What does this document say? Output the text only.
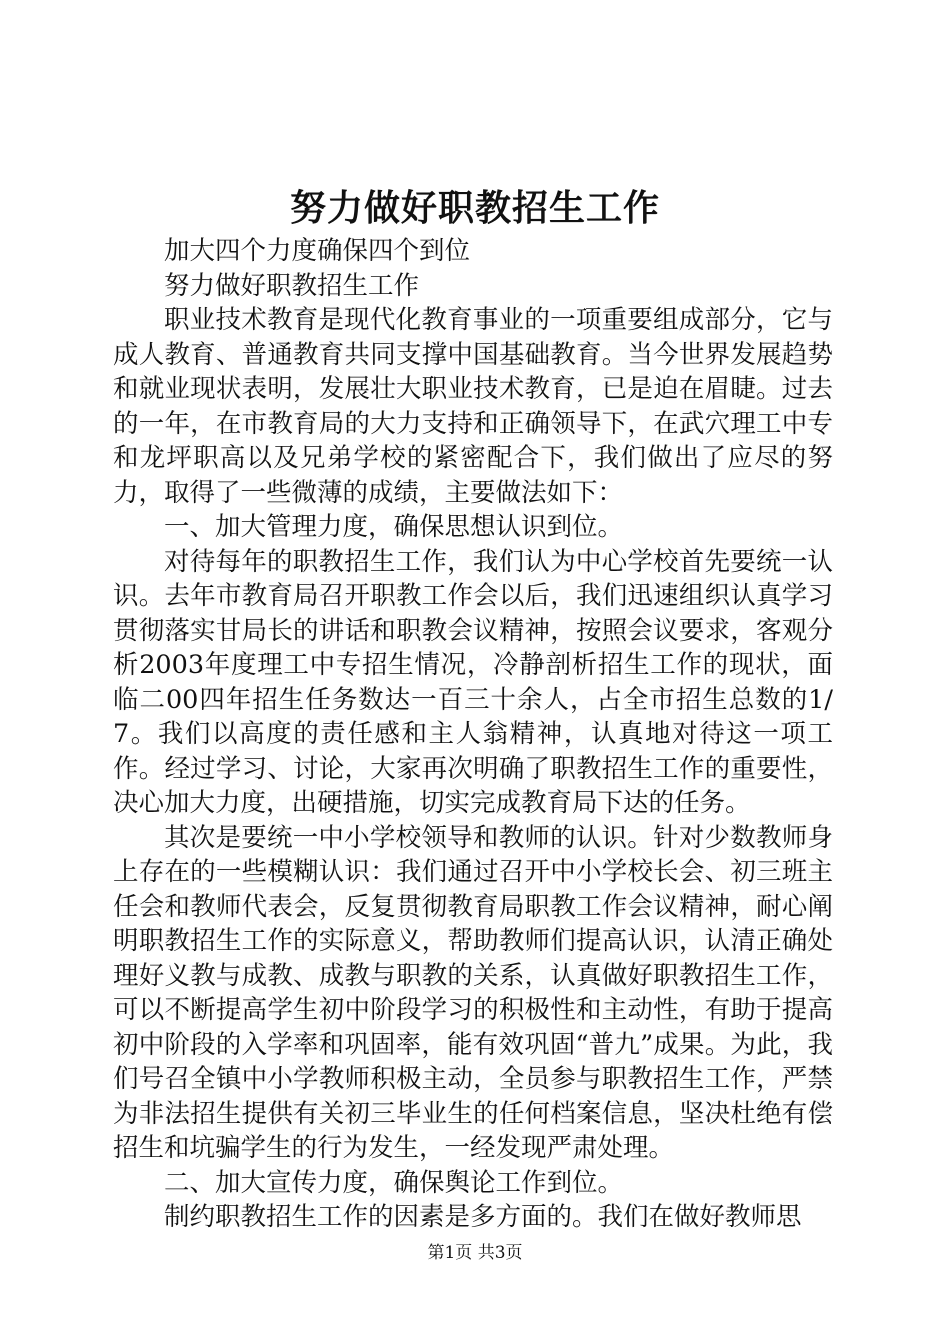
努力做好职教招生工作

加大四个力度确保四个到位

努力做好职教招生工作

职业技术教育是现代化教育事业的一项重要组成部分，它与成人教育、普通教育共同支撑中国基础教育。当今世界发展趋势和就业现状表明，发展壮大职业技术教育，已是迫在眉睫。过去的一年，在市教育局的大力支持和正确领导下，在武穴理工中专和龙坪职高以及兄弟学校的紧密配合下，我们做出了应尽的努力，取得了一些微薄的成绩，主要做法如下：

一、加大管理力度，确保思想认识到位。

对待每年的职教招生工作，我们认为中心学校首先要统一认识。去年市教育局召开职教工作会以后，我们迅速组织认真学习贯彻落实甘局长的讲话和职教会议精神，按照会议要求，客观分析2003年度理工中专招生情况，冷静剖析招生工作的现状，面临二00四年招生任务数达一百三十余人，占全市招生总数的1/7。我们以高度的责任感和主人翁精神，认真地对待这一项工作。经过学习、讨论，大家再次明确了职教招生工作的重要性，决心加大力度，出硬措施，切实完成教育局下达的任务。

其次是要统一中小学校领导和教师的认识。针对少数教师身上存在的一些模糊认识：我们通过召开中小学校长会、初三班主任会和教师代表会，反复贯彻教育局职教工作会议精神，耐心阐明职教招生工作的实际意义，帮助教师们提高认识，认清正确处理好义教与成教、成教与职教的关系，认真做好职教招生工作，可以不断提高学生初中阶段学习的积极性和主动性，有助于提高初中阶段的入学率和巩固率，能有效巩固“普九”成果。为此，我们号召全镇中小学教师积极主动，全员参与职教招生工作，严禁为非法招生提供有关初三毕业生的任何档案信息，坚决杜绝有偿招生和坑骗学生的行为发生，一经发现严肃处理。

二、加大宣传力度，确保舆论工作到位。

制约职教招生工作的因素是多方面的。我们在做好教师思

第1页 共3页
